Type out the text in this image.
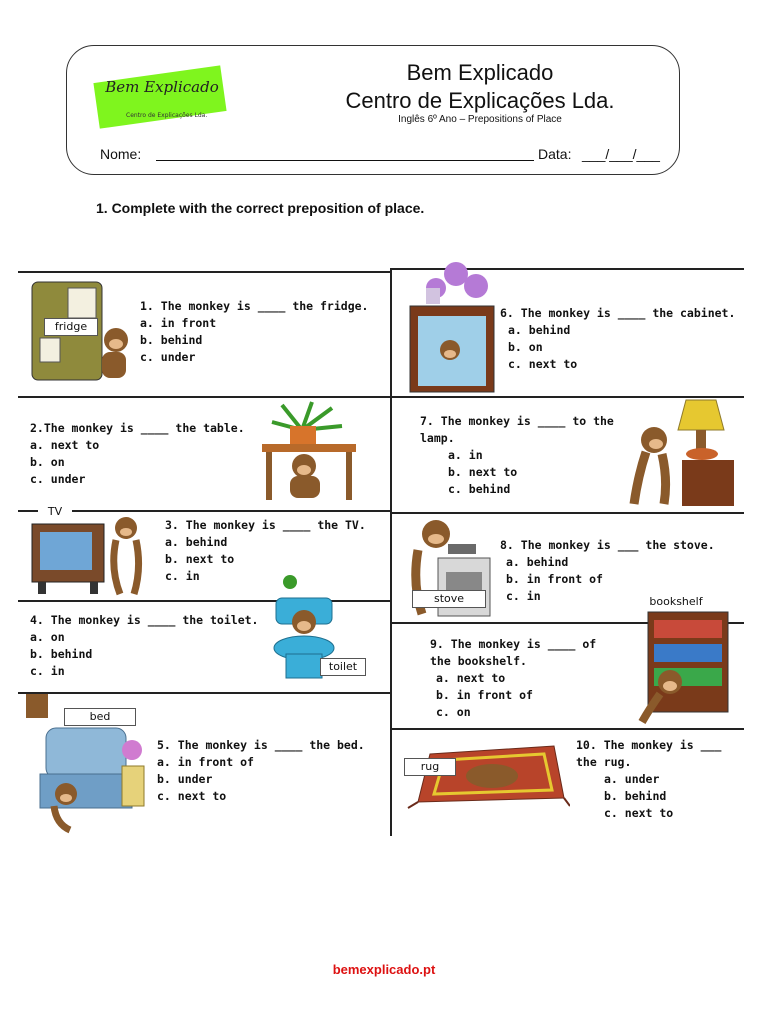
Bem Explicado
Centro de Explicações Lda.
Bem Explicado
Centro de Explicações Lda.
Inglês 6º Ano – Prepositions of Place
Nome:	Data: ___/___/___
1. Complete with the correct preposition of place.
fridge
1. The monkey is ____ the fridge.
a. in front
b. behind
c. under
2.The monkey is ____ the table.
a. next to
b. on
c. under
TV
3. The monkey is ____ the TV.
a. behind
b. next to
c. in
4. The monkey is ____ the toilet.
a. on
b. behind
c. in	toilet
bed
5. The monkey is ____ the bed.
a. in front of
b. under
c. next to
6. The monkey is ____ the cabinet.
a. behind
b. on
c. next to
7. The monkey is ____ to the
lamp.
a. in
b. next to
c. behind
stove
8. The monkey is ___ the stove.
a. behind
b. in front of
c. in
9. The monkey is ____ of
the bookshelf.
a. next to
b. in front of
c. on
bookshelf
rug
10. The monkey is ___
the rug.
a. under
b. behind
c. next to
bemexplicado.pt
